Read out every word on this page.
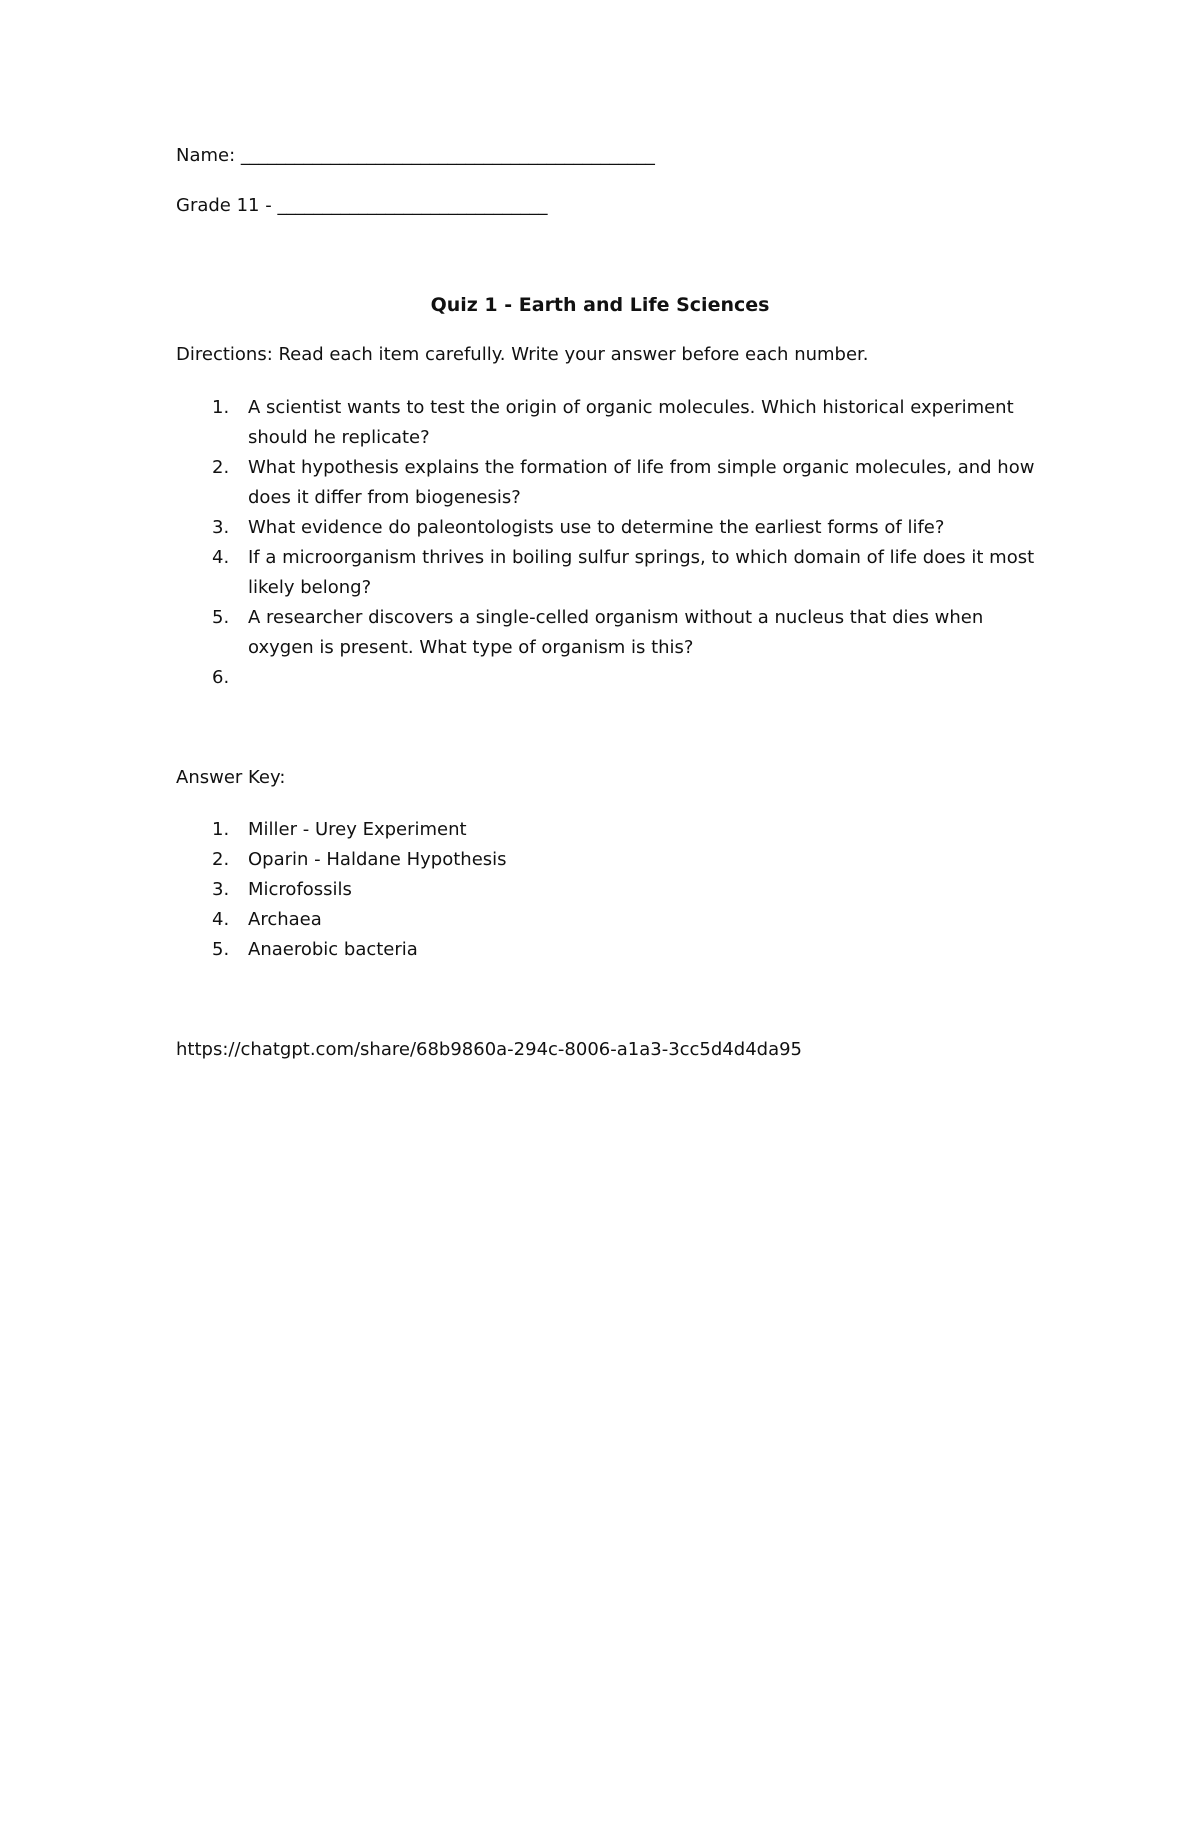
Name: ______________________________________________
Grade 11 - ______________________________
Quiz 1 - Earth and Life Sciences
Directions: Read each item carefully. Write your answer before each number.
1. A scientist wants to test the origin of organic molecules. Which historical experiment should he replicate?
2. What hypothesis explains the formation of life from simple organic molecules, and how does it differ from biogenesis?
3. What evidence do paleontologists use to determine the earliest forms of life?
4. If a microorganism thrives in boiling sulfur springs, to which domain of life does it most likely belong?
5. A researcher discovers a single-celled organism without a nucleus that dies when oxygen is present. What type of organism is this?
6.

Answer Key:
1. Miller - Urey Experiment
2. Oparin - Haldane Hypothesis
3. Microfossils
4. Archaea
5. Anaerobic bacteria
https://chatgpt.com/share/68b9860a-294c-8006-a1a3-3cc5d4d4da95
